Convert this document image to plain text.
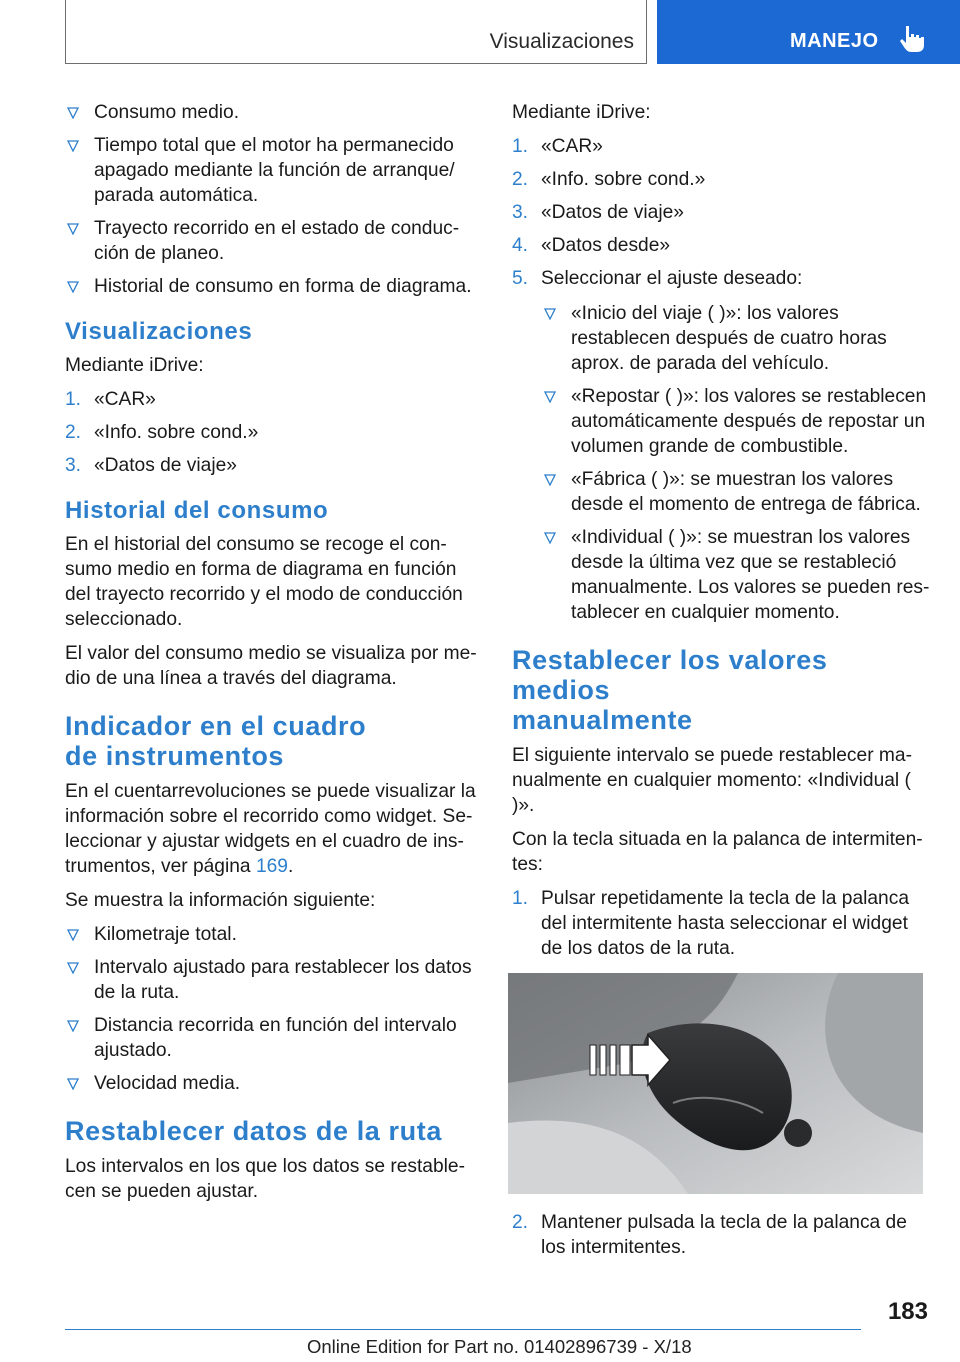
Visualizaciones	MANEJO
Consumo medio.
Tiempo total que el motor ha permanecido apagado mediante la función de arranque/ parada automática.
Trayecto recorrido en el estado de conduc-ción de planeo.
Historial de consumo en forma de diagrama.
Visualizaciones

Mediante iDrive:

1. «CAR»
2. «Info. sobre cond.»
3. «Datos de viaje»
Historial del consumo

En el historial del consumo se recoge el con-sumo medio en forma de diagrama en función del trayecto recorrido y el modo de conducción seleccionado.

El valor del consumo medio se visualiza por me-dio de una línea a través del diagrama.

Indicador en el cuadro
de instrumentos

En el cuentarrevoluciones se puede visualizar la información sobre el recorrido como widget. Se-leccionar y ajustar widgets en el cuadro de ins-trumentos, ver página 169.

Se muestra la información siguiente:

Kilometraje total.
Intervalo ajustado para restablecer los datos de la ruta.
Distancia recorrida en función del intervalo ajustado.
Velocidad media.
Restablecer datos de la ruta

Los intervalos en los que los datos se restable-cen se pueden ajustar.

Mediante iDrive:

1. «CAR»
2. «Info. sobre cond.»
3. «Datos de viaje»
4. «Datos desde»
5. Seleccionar el ajuste deseado:
«Inicio del viaje ( )»: los valores restablecen después de cuatro horas aprox. de parada del vehículo.
«Repostar ( )»: los valores se restablecen automáticamente después de repostar un volumen grande de combustible.
«Fábrica ( )»: se muestran los valores desde el momento de entrega de fábrica.
«Individual ( )»: se muestran los valores desde la última vez que se restableció manualmente. Los valores se pueden res-tablecer en cualquier momento.
Restablecer los valores medios
manualmente

El siguiente intervalo se puede restablecer ma-nualmente en cualquier momento: «Individual ( )».

Con la tecla situada en la palanca de intermiten-tes:

1. Pulsar repetidamente la tecla de la palanca del intermitente hasta seleccionar el widget de los datos de la ruta.
2. Mantener pulsada la tecla de la palanca de los intermitentes.
183
Online Edition for Part no. 01402896739 - X/18
